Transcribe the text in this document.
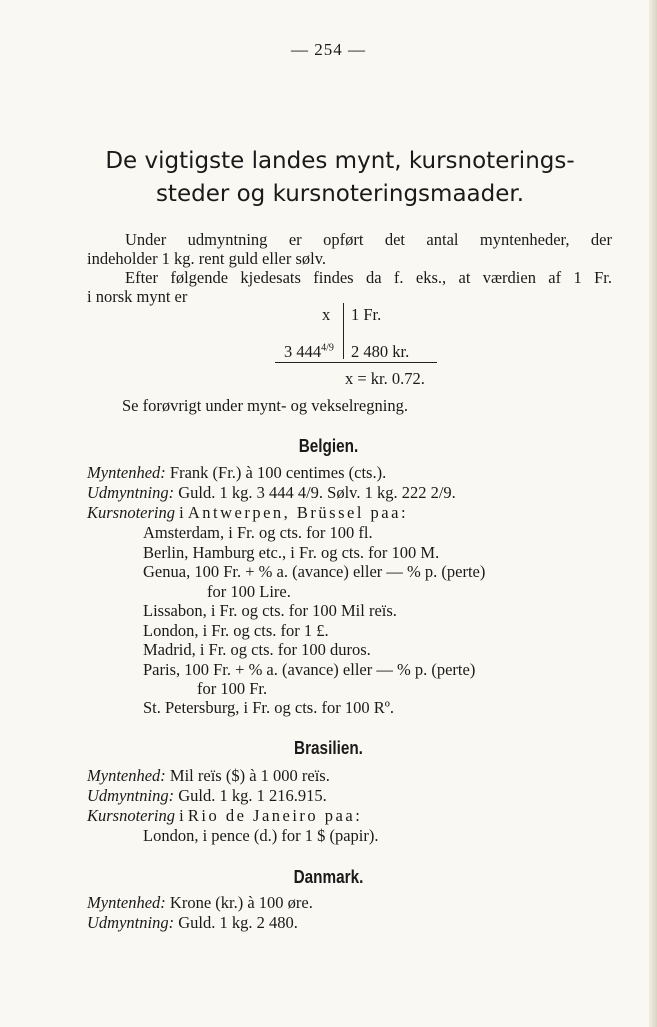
— 254 —
De vigtigste landes mynt, kursnoterings-
steder og kursnoteringsmaader.

Under udmyntning er opført det antal myntenheder, der

indeholder 1 kg. rent guld eller sølv.

Efter følgende kjedesats findes da f. eks., at værdien af 1 Fr.

i norsk mynt er

x 1 Fr.
3 $444^{4/9}$ 2 480 kr.
x = kr. 0.72.
Se forøvrigt under mynt- og vekselregning.
Belgien.
Myntenhed: Frank (Fr.) à 100 centimes (cts.).
Udmyntning: Guld. 1 kg. 3 444 4/9. Sølv. 1 kg. 222 2/9.
Kursnotering i Antwerpen, Brüssel paa:
Amsterdam, i Fr. og cts. for 100 fl.
Berlin, Hamburg etc., i Fr. og cts. for 100 M.
Genua, 100 Fr. + % a. (avance) eller — % p. (perte)
for 100 Lire.
Lissabon, i Fr. og cts. for 100 Mil reïs.
London, i Fr. og cts. for 1 £.
Madrid, i Fr. og cts. for 100 duros.
Paris, 100 Fr. + % a. (avance) eller — % p. (perte)
for 100 Fr.
St. Petersburg, i Fr. og cts. for 100 Rº.
Brasilien.
Myntenhed: Mil reïs ($) à 1 000 reïs.
Udmyntning: Guld. 1 kg. 1 216.915.
Kursnotering i Rio de Janeiro paa:
London, i pence (d.) for 1 $ (papir).
Danmark.
Myntenhed: Krone (kr.) à 100 øre.
Udmyntning: Guld. 1 kg. 2 480.
